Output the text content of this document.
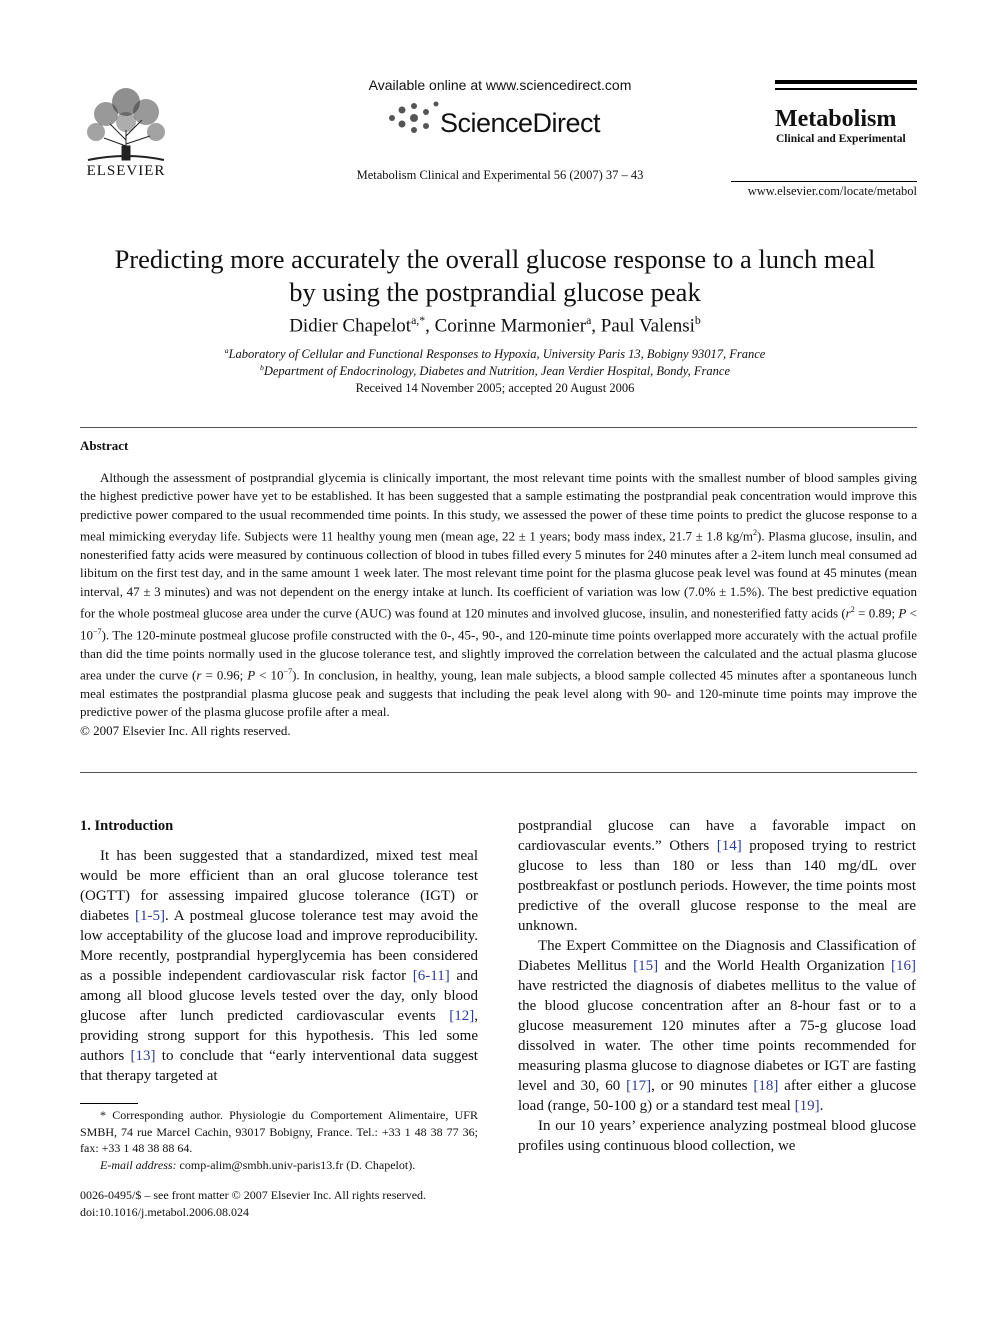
ELSEVIER
Available online at www.sciencedirect.com
ScienceDirect
Metabolism Clinical and Experimental 56 (2007) 37 – 43
Metabolism
Clinical and Experimental
www.elsevier.com/locate/metabol
Predicting more accurately the overall glucose response to a lunch meal by using the postprandial glucose peak
Didier Chapelot$^{a,*}$, Corinne Marmonier$^a$, Paul Valensi$^b$
$^a$Laboratory of Cellular and Functional Responses to Hypoxia, University Paris 13, Bobigny 93017, France
$^b$Department of Endocrinology, Diabetes and Nutrition, Jean Verdier Hospital, Bondy, France
Received 14 November 2005; accepted 20 August 2006
Abstract

Although the assessment of postprandial glycemia is clinically important, the most relevant time points with the smallest number of blood samples giving the highest predictive power have yet to be established. It has been suggested that a sample estimating the postprandial peak concentration would improve this predictive power compared to the usual recommended time points. In this study, we assessed the power of these time points to predict the glucose response to a meal mimicking everyday life. Subjects were 11 healthy young men (mean age, 22 ± 1 years; body mass index, 21.7 ± 1.8 $kg/m^2$). Plasma glucose, insulin, and nonesterified fatty acids were measured by continuous collection of blood in tubes filled every 5 minutes for 240 minutes after a 2-item lunch meal consumed ad libitum on the first test day, and in the same amount 1 week later. The most relevant time point for the plasma glucose peak level was found at 45 minutes (mean interval, 47 ± 3 minutes) and was not dependent on the energy intake at lunch. Its coefficient of variation was low (7.0% ± 1.5%). The best predictive equation for the whole postmeal glucose area under the curve (AUC) was found at 120 minutes and involved glucose, insulin, and nonesterified fatty acids ($r^2 = 0.89$; $P < 10^{-7}$). The 120-minute postmeal glucose profile constructed with the 0-, 45-, 90-, and 120-minute time points overlapped more accurately with the actual profile than did the time points normally used in the glucose tolerance test, and slightly improved the correlation between the calculated and the actual plasma glucose area under the curve (r = 0.96; $P < 10^{-7}$). In conclusion, in healthy, young, lean male subjects, a blood sample collected 45 minutes after a spontaneous lunch meal estimates the postprandial plasma glucose peak and suggests that including the peak level along with 90- and 120-minute time points may improve the predictive power of the plasma glucose profile after a meal.

© 2007 Elsevier Inc. All rights reserved.

1. Introduction

It has been suggested that a standardized, mixed test meal would be more efficient than an oral glucose tolerance test (OGTT) for assessing impaired glucose tolerance (IGT) or diabetes [1-5]. A postmeal glucose tolerance test may avoid the low acceptability of the glucose load and improve reproducibility. More recently, postprandial hyperglycemia has been considered as a possible independent cardiovascular risk factor [6-11] and among all blood glucose levels tested over the day, only blood glucose after lunch predicted cardiovascular events [12], providing strong support for this hypothesis. This led some authors [13] to conclude that “early interventional data suggest that therapy targeted at

postprandial glucose can have a favorable impact on cardiovascular events.” Others [14] proposed trying to restrict glucose to less than 180 or less than 140 mg/dL over postbreakfast or postlunch periods. However, the time points most predictive of the overall glucose response to the meal are unknown.

The Expert Committee on the Diagnosis and Classification of Diabetes Mellitus [15] and the World Health Organization [16] have restricted the diagnosis of diabetes mellitus to the value of the blood glucose concentration after an 8-hour fast or to a glucose measurement 120 minutes after a 75-g glucose load dissolved in water. The other time points recommended for measuring plasma glucose to diagnose diabetes or IGT are fasting level and 30, 60 [17], or 90 minutes [18] after either a glucose load (range, 50-100 g) or a standard test meal [19].

In our 10 years’ experience analyzing postmeal blood glucose profiles using continuous blood collection, we

* Corresponding author. Physiologie du Comportement Alimentaire, UFR SMBH, 74 rue Marcel Cachin, 93017 Bobigny, France. Tel.: +33 1 48 38 77 36; fax: +33 1 48 38 88 64.

E-mail address: comp-alim@smbh.univ-paris13.fr (D. Chapelot).

0026-0495/$ – see front matter © 2007 Elsevier Inc. All rights reserved.
doi:10.1016/j.metabol.2006.08.024
